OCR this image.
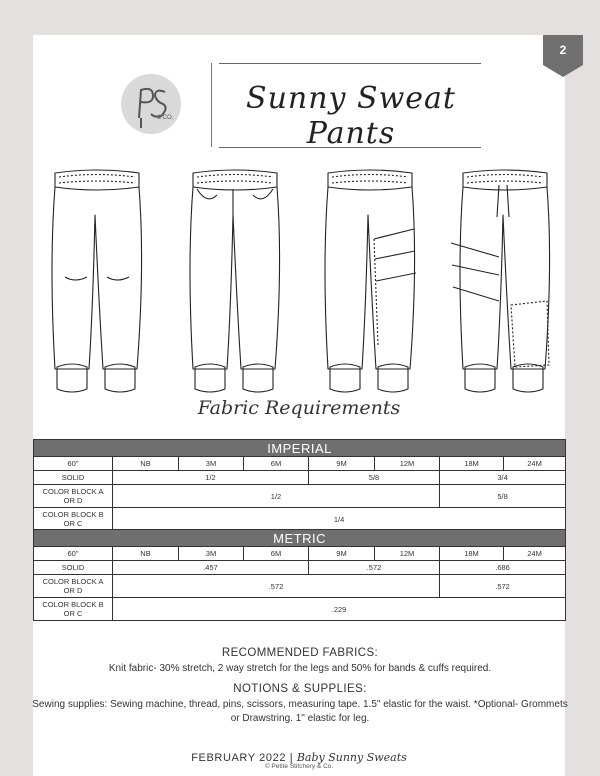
2
& CO.
Sunny Sweat Pants
Fabric Requirements
IMPERIAL							
60"	NB	3M	6M	9M	12M	18M	24M
SOLID	1/2			5/8		3/4	
COLOR BLOCK A
OR D	1/2					5/8	
COLOR BLOCK B
OR C	1/4						
METRIC							
60"	NB	3M	6M	9M	12M	18M	24M
SOLID	.457			.572		.686	
COLOR BLOCK A
OR D	.572					.572	
COLOR BLOCK B
OR C	.229						
RECOMMENDED FABRICS:
Knit fabric- 30% stretch, 2 way stretch for the legs and 50% for bands & cuffs required.
NOTIONS & SUPPLIES:
Sewing supplies: Sewing machine, thread, pins, scissors, measuring tape. 1.5" elastic for the waist. *Optional- Grommets
or Drawstring. 1" elastic for leg.
FEBRUARY 2022 | Baby Sunny Sweats
© Petite Stitchery & Co.
